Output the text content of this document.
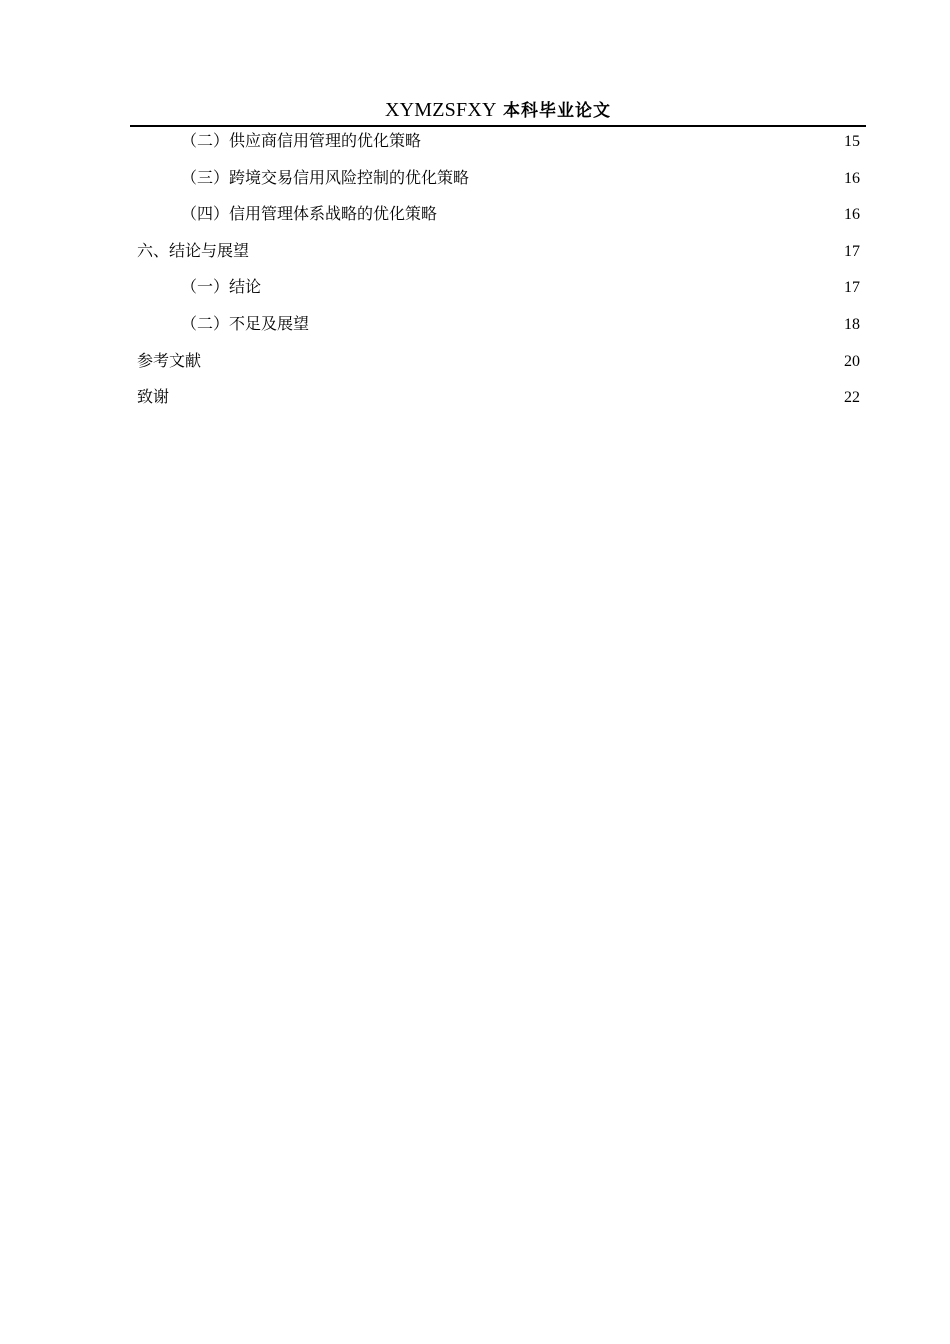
XYMZSFXY 本科毕业论文
（二）供应商信用管理的优化策略	15
（三）跨境交易信用风险控制的优化策略	16
（四）信用管理体系战略的优化策略	16
六、结论与展望	17
（一）结论	17
（二）不足及展望	18
参考文献	20
致谢	22
